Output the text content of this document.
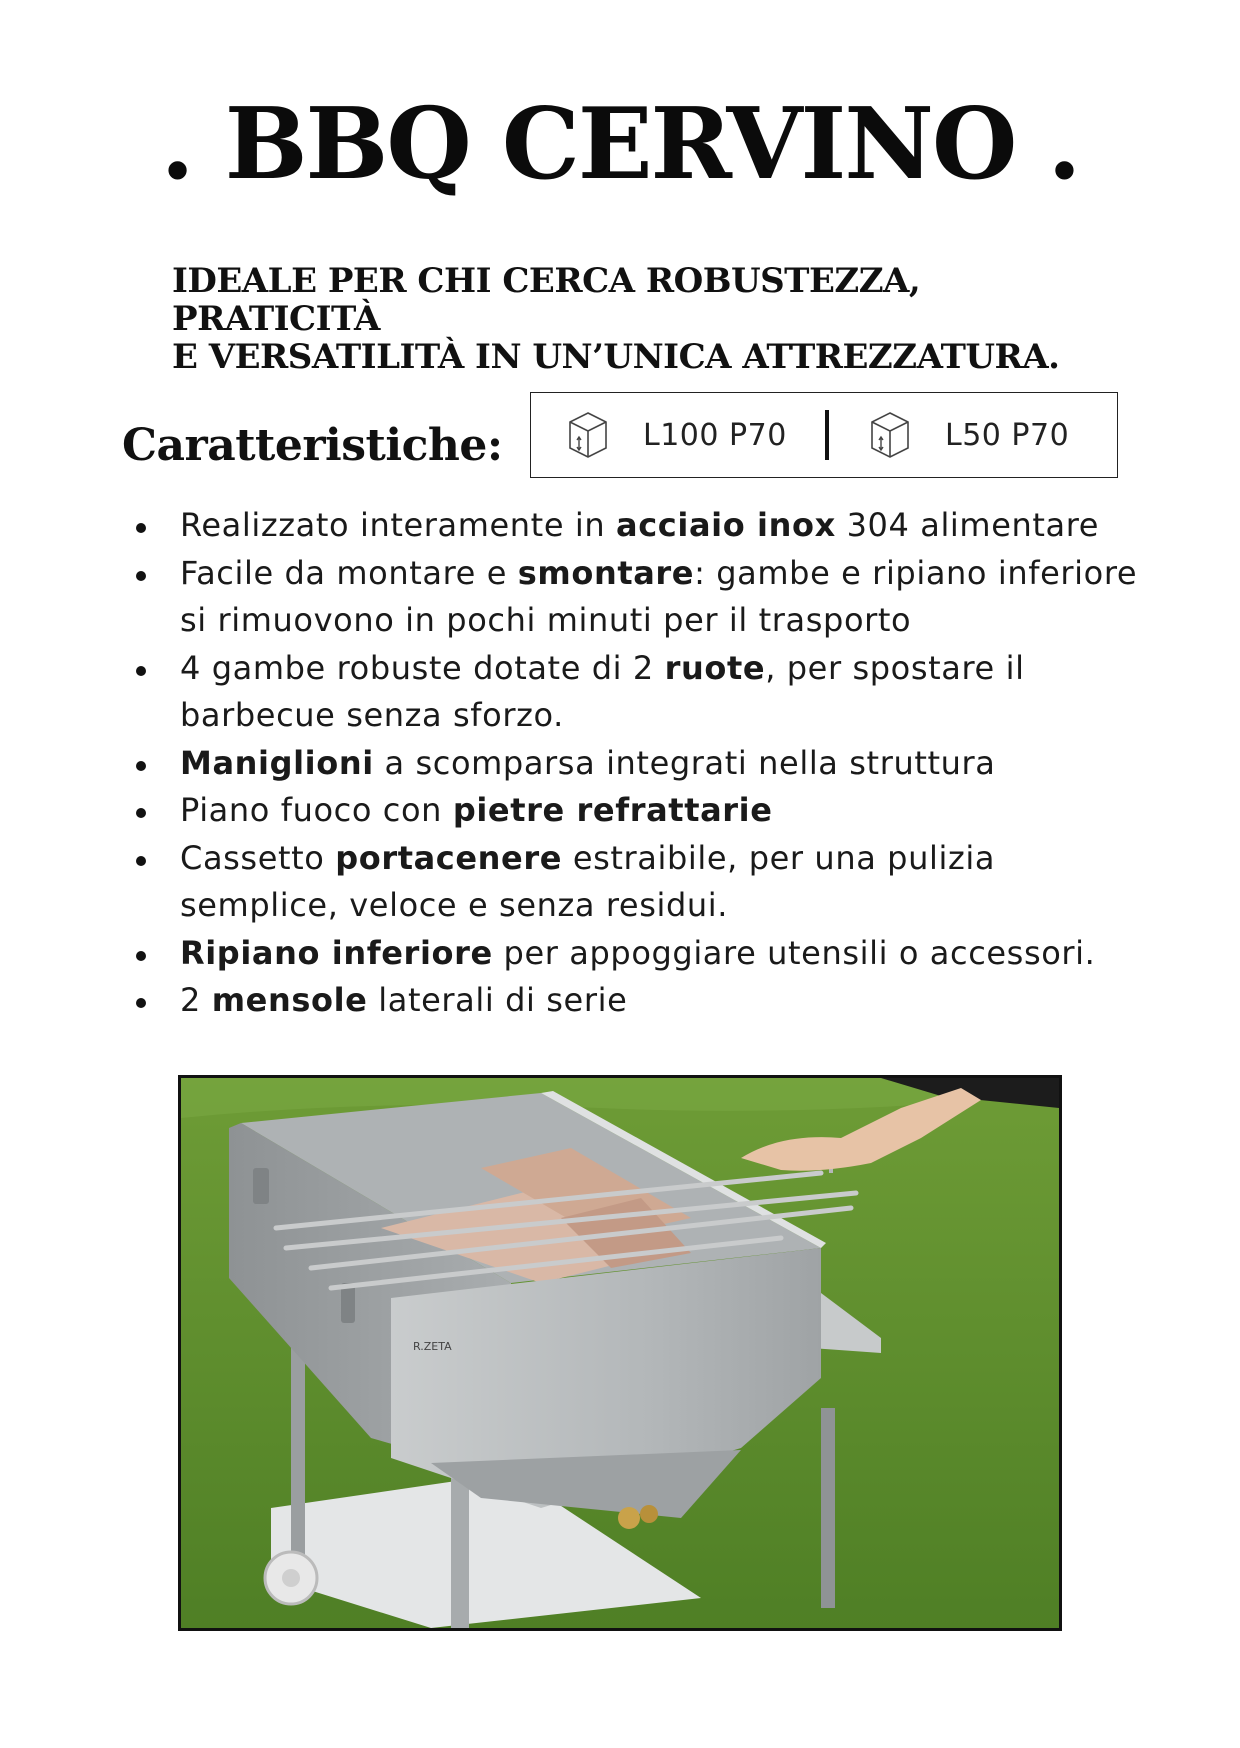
. BBQ CERVINO .
IDEALE PER CHI CERCA ROBUSTEZZA, PRATICITÀ
E VERSATILITÀ IN UN’UNICA ATTREZZATURA.
Caratteristiche:	L100 P70	L50 P70
Realizzato interamente in acciaio inox 304 alimentare
Facile da montare e smontare: gambe e ripiano inferiore si rimuovono in pochi minuti per il trasporto
4 gambe robuste dotate di 2 ruote, per spostare il barbecue senza sforzo.
Maniglioni a scomparsa integrati nella struttura
Piano fuoco con pietre refrattarie
Cassetto portacenere estraibile, per una pulizia semplice, veloce e senza residui.
Ripiano inferiore per appoggiare utensili o accessori.
2 mensole laterali di serie
R.ZETA
